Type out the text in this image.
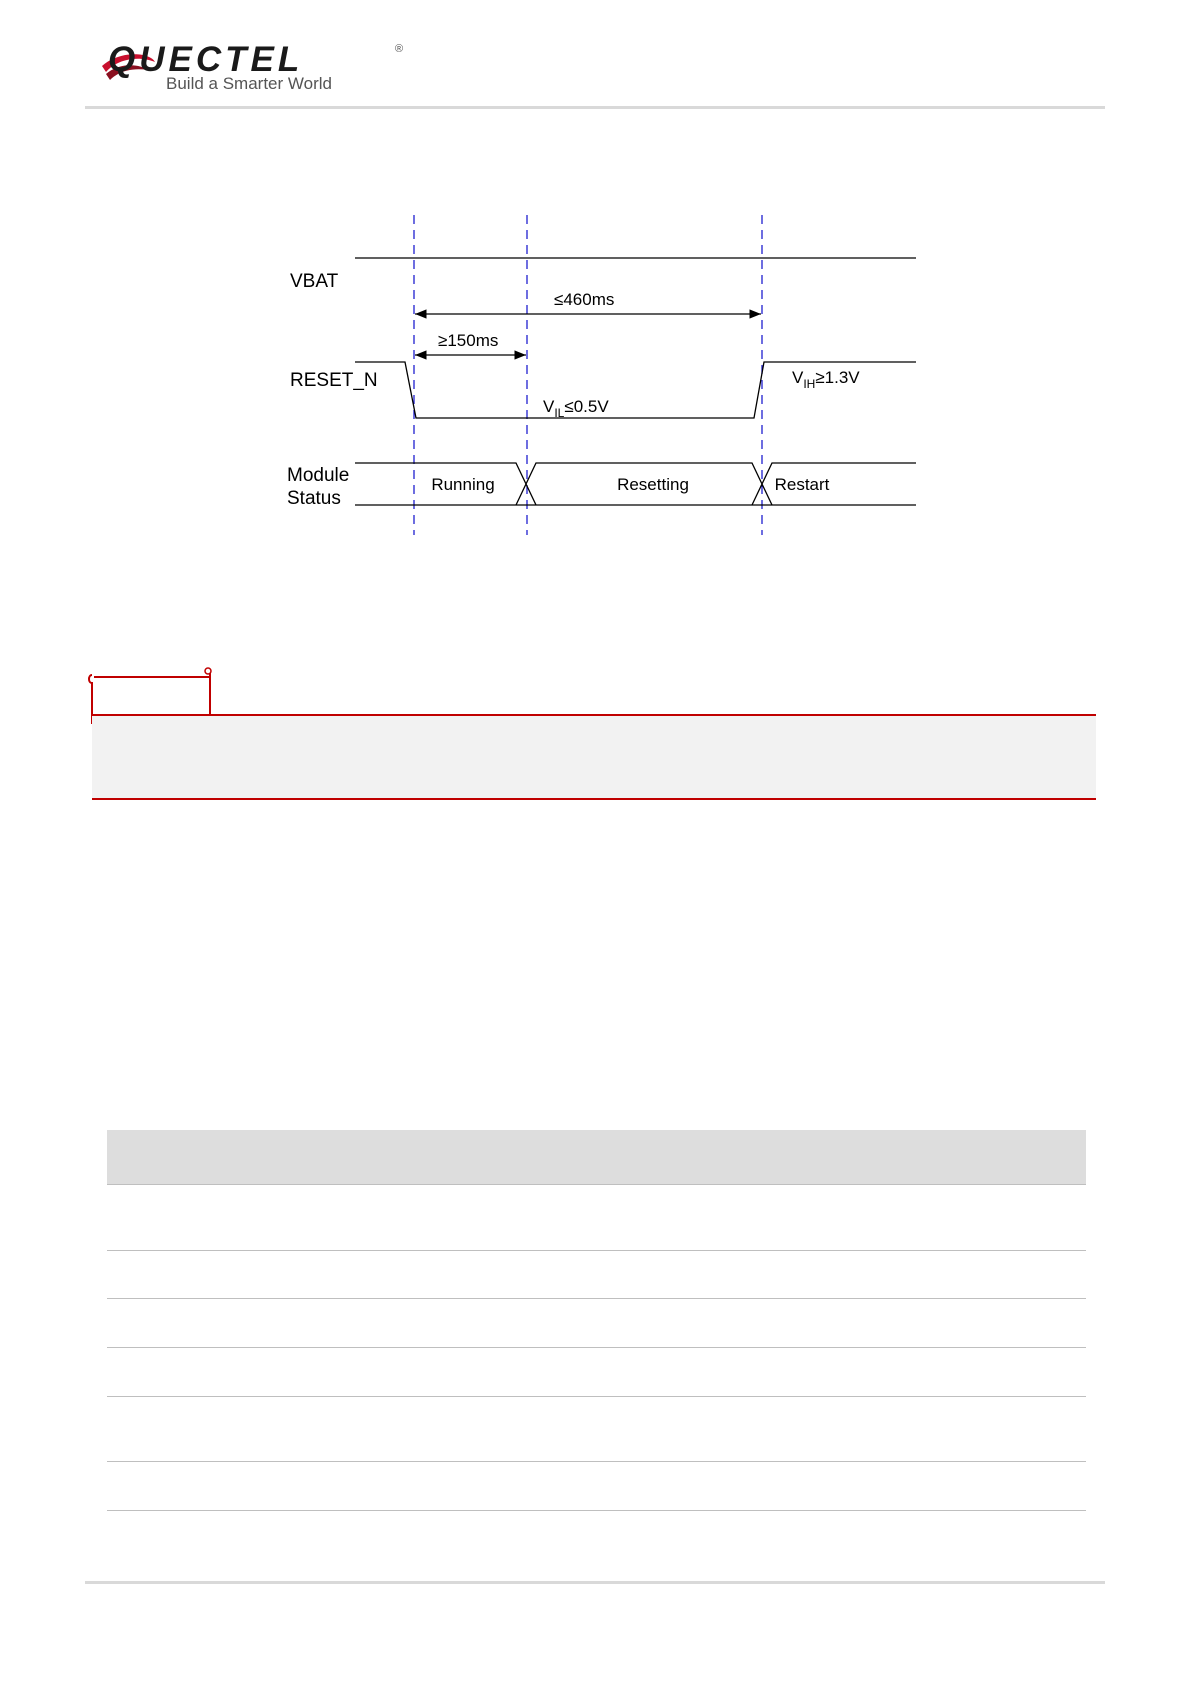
QUECTEL	®
Build a Smarter World
VBAT
≤460ms
≥150ms
RESET_N
$V_{IL}\le 0.5V$
$V_{IH}\ge 1.3V$
Module
Status
Running	Resetting	Restart
